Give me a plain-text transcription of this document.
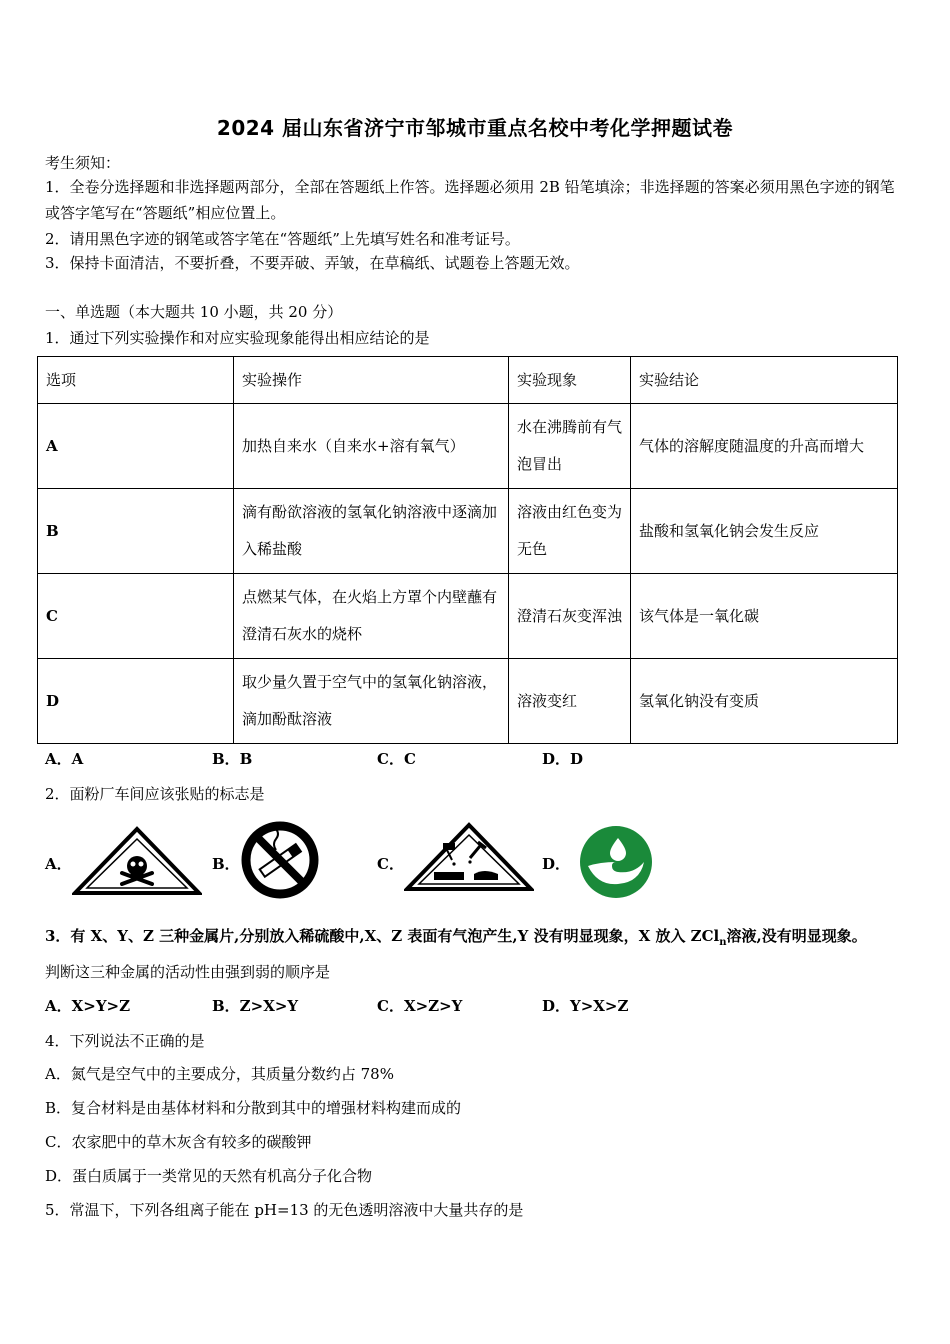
2024 届山东省济宁市邹城市重点名校中考化学押题试卷
考生须知：
1．全卷分选择题和非选择题两部分，全部在答题纸上作答。选择题必须用 2B 铅笔填涂；非选择题的答案必须用黑色字迹的钢笔或答字笔写在“答题纸”相应位置上。
2．请用黑色字迹的钢笔或答字笔在“答题纸”上先填写姓名和准考证号。
3．保持卡面清洁，不要折叠，不要弄破、弄皱，在草稿纸、试题卷上答题无效。
一、单选题（本大题共 10 小题，共 20 分）
1．通过下列实验操作和对应实验现象能得出相应结论的是
选项	实验操作	实验现象	实验结论
A	加热自来水（自来水+溶有氧气）	水在沸腾前有气泡冒出	气体的溶解度随温度的升高而增大
B	滴有酚欲溶液的氢氧化钠溶液中逐滴加入稀盐酸	溶液由红色变为无色	盐酸和氢氧化钠会发生反应
C	点燃某气体，在火焰上方罩个内壁蘸有澄清石灰水的烧杯	澄清石灰变浑浊	该气体是一氧化碳
D	取少量久置于空气中的氢氧化钠溶液，滴加酚酞溶液	溶液变红	氢氧化钠没有变质
A．A	B．B	C．C	D．D
2．面粉厂车间应该张贴的标志是
A．	B．	C．	D．
3．有 X、Y、Z 三种金属片,分别放入稀硫酸中,X、Z 表面有气泡产生,Y 没有明显现象，X 放入 ZCl$_n$溶液,没有明显现象。
判断这三种金属的活动性由强到弱的顺序是
A．X>Y>Z	B．Z>X>Y	C．X>Z>Y	D．Y>X>Z
4．下列说法不正确的是
A．氮气是空气中的主要成分，其质量分数约占 78%
B．复合材料是由基体材料和分散到其中的增强材料构建而成的
C．农家肥中的草木灰含有较多的碳酸钾
D．蛋白质属于一类常见的天然有机高分子化合物
5．常温下，下列各组离子能在 pH=13 的无色透明溶液中大量共存的是
